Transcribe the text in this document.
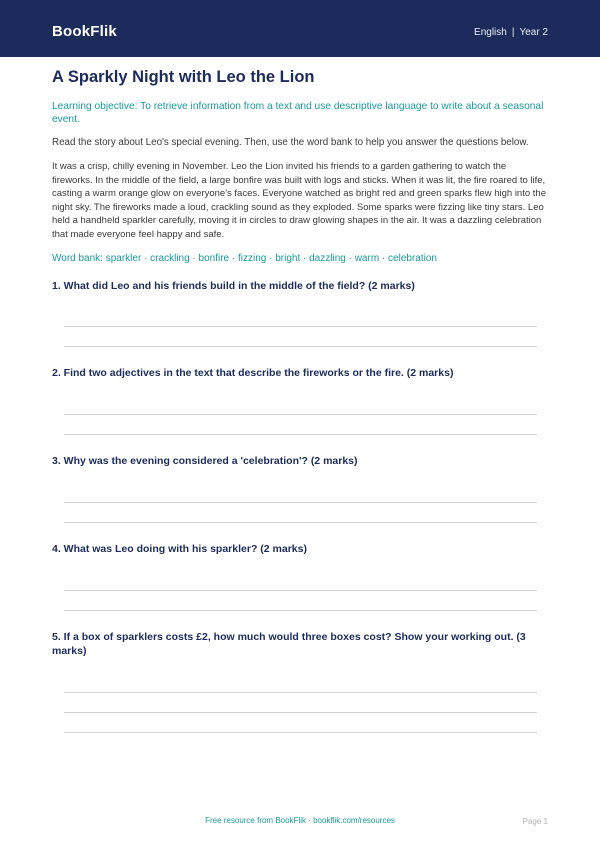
BookFlik	English | Year 2
A Sparkly Night with Leo the Lion
Learning objective: To retrieve information from a text and use descriptive language to write about a seasonal event.
Read the story about Leo's special evening. Then, use the word bank to help you answer the questions below.
It was a crisp, chilly evening in November. Leo the Lion invited his friends to a garden gathering to watch the fireworks. In the middle of the field, a large bonfire was built with logs and sticks. When it was lit, the fire roared to life, casting a warm orange glow on everyone's faces. Everyone watched as bright red and green sparks flew high into the night sky. The fireworks made a loud, crackling sound as they exploded. Some sparks were fizzing like tiny stars. Leo held a handheld sparkler carefully, moving it in circles to draw glowing shapes in the air. It was a dazzling celebration that made everyone feel happy and safe.
Word bank: sparkler · crackling · bonfire · fizzing · bright · dazzling · warm · celebration
1. What did Leo and his friends build in the middle of the field? (2 marks)
2. Find two adjectives in the text that describe the fireworks or the fire. (2 marks)
3. Why was the evening considered a 'celebration'? (2 marks)
4. What was Leo doing with his sparkler? (2 marks)
5. If a box of sparklers costs £2, how much would three boxes cost? Show your working out. (3 marks)
Free resource from BookFlik · bookflik.com/resources	Page 1
